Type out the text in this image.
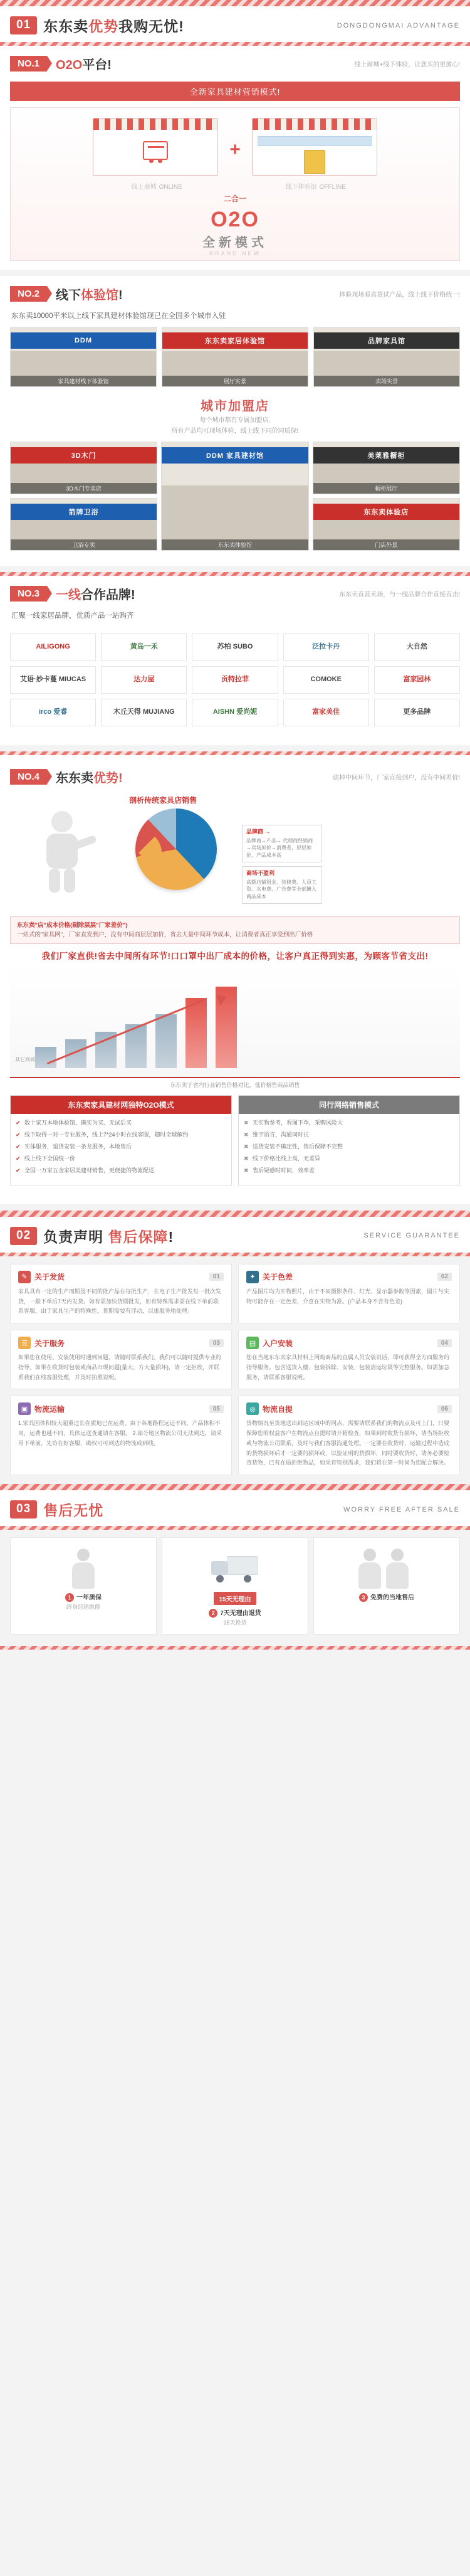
01 东东卖优势我购无忧!	DONGDONGMAI ADVANTAGE
NO.1	O2O平台!	线上商城+线下体验，让您买的更放心!
全新家具建材营销模式!
线上商城 ONLINE
+
线下体验馆 OFFLINE
二合一
O2O
全新模式
BRAND NEW
NO.2	线下体验馆!	体验现场看真货试产品，线上线下价格统一!
东东卖10000平米以上线下家具建材体验馆现已在全国多个城市入驻
DDM
家具建材线下体验馆
东东卖家居体验馆
展厅实景
品牌家具馆
卖场实景
城市加盟店
每个城市都有专属加盟店,
所有产品均可现场体验，线上线下同价同质保!
3D木门
3D木门专卖店
DDM 家具建材馆
东东卖体验馆
美莱雅橱柜
橱柜展厅
箭牌卫浴
卫浴专卖
东东卖体验店
门店外景
NO.3	一线合作品牌!	东东卖直营卖场，与一线品牌合作直接直击!
汇聚一线家居品牌，优质产品一站购齐
AILIGONG	黄岛一禾	苏柏 SUBO	泛拉卡丹	大自然
艾语·妙卡蔓 MIUCAS	达力屋	贡特拉菲	COMOKE	富家园林
irco 爱睿	木丘天得 MUJIANG	AISHN 爱尚妮	富家美佳	更多品牌
NO.4	东东卖优势!	砍掉中间环节，厂家直接到户，没有中间差价!
剖析传统家具店销售
品牌商 →
品牌商→产品→ 代理商经销商→卖场加价→消费者，层层加价，产品成本高
商场不盈利
高额店铺租金、装修费、人员工资、水电费、广告费等全部摊入商品成本
东东卖"店"成本价格(剔除层层"厂家差价")
一站式的"家具网"，厂家直发到户，没有中间商层层加价，省去大量中间环节成本，让消费者真正享受到出厂价格
我们厂家直供!省去中间所有环节!口口罩中出厂成本的价格，让客户真正得到实惠，为顾客节省支出!
其它商城
东东卖于省内行业销售价格对比，低价格售商品销售
东东卖家具建材网独特O2O模式
✔ 数十家万本地体验馆，确实为买、无试后买
✔ 线下取得一对一专业服务，线上7*24小时在线客服，随时全球解约
✔ 实体服务，退货安装一条龙服务，本地售后
✔ 线上线下全国统一价
✔ 全国一万家五金家居美建材销售，更便捷的物流配送
同行网络销售模式
✖ 无实物参考，看图下单，采购风险大
✖ 维字语言，沟通同时长
✖ 送货安装不确定性，售后保障不完整
✖ 线下价格比线上高，无差异
✖ 售后疑惑时时间，效率差
02 负责声明 售后保障!	SERVICE GUARANTEE
✎ 关于发货	01
家具具有一定的生产周期及不同的批产品在每批生产，在电子生产批发每一批次发货，一般下单后7天内发货。如有需加快货期批发，如有特殊需求需在线下单前联系客服，由于家具生产的特殊性，货期需要有浮动，以重服务地处理。
✦ 关于色差	02
产品图片均为实物照片，由于不同摄影条件、灯光、显示器参数等因素，图片与实物可能存在一定色差，介意在实物为准。(产品本身不含有色差)
☰ 关于服务	03
如果您在使用、安装使用时遇到问题，请随时联系我们。我们可以随时提供专业的指导。如果在收货时包装或商品出现问题(量大、方大量损坏)，请一定拒收，并联系我们在线客服处理，并及时拍照说明。
▤ 入户安装	04
您在当地东东卖家具材料上网购商品的直属人员安装说话，即可获得全方面服务的指导服务。包含送货入楼、包装拆除、安装、包装清运垃圾等完整服务。如需加急服务，请联系客服说明。
▣ 物流运输	05
1.家具因体积较大超重过长在质地已在运费，由于各地路程远近不同，产品体积不同，运费也越不同，具体运送查通请在客服。 2.部分地区物流公司无法到达，请采用下单前，先访在好客服，确权可可到达的物流或到线。
◎ 物流自提	06
货物情况至货地送出到达区域中的网点，需要请联系我们的物流点及可上门，只要保障您的权益客户在物流点自提时请开箱检查，如果到时收货有损坏，请当场拒收或与物流公司联系，及时与我们客服沟通处理。一定要在收货时、运输过程中造成的货物损坏后才一定要的损坏或，以验证明的货损坏，同时要收货时，请务必要检查货物，已有在质拒绝物品，如果有特别需求，我们将在第一时间为您配合解决。
03 售后无忧	WORRY FREE AFTER SALE
1 一年质保
终身经销维修
15天无理由
2 7天无理由退货
15天换货
3 免费的当地售后
